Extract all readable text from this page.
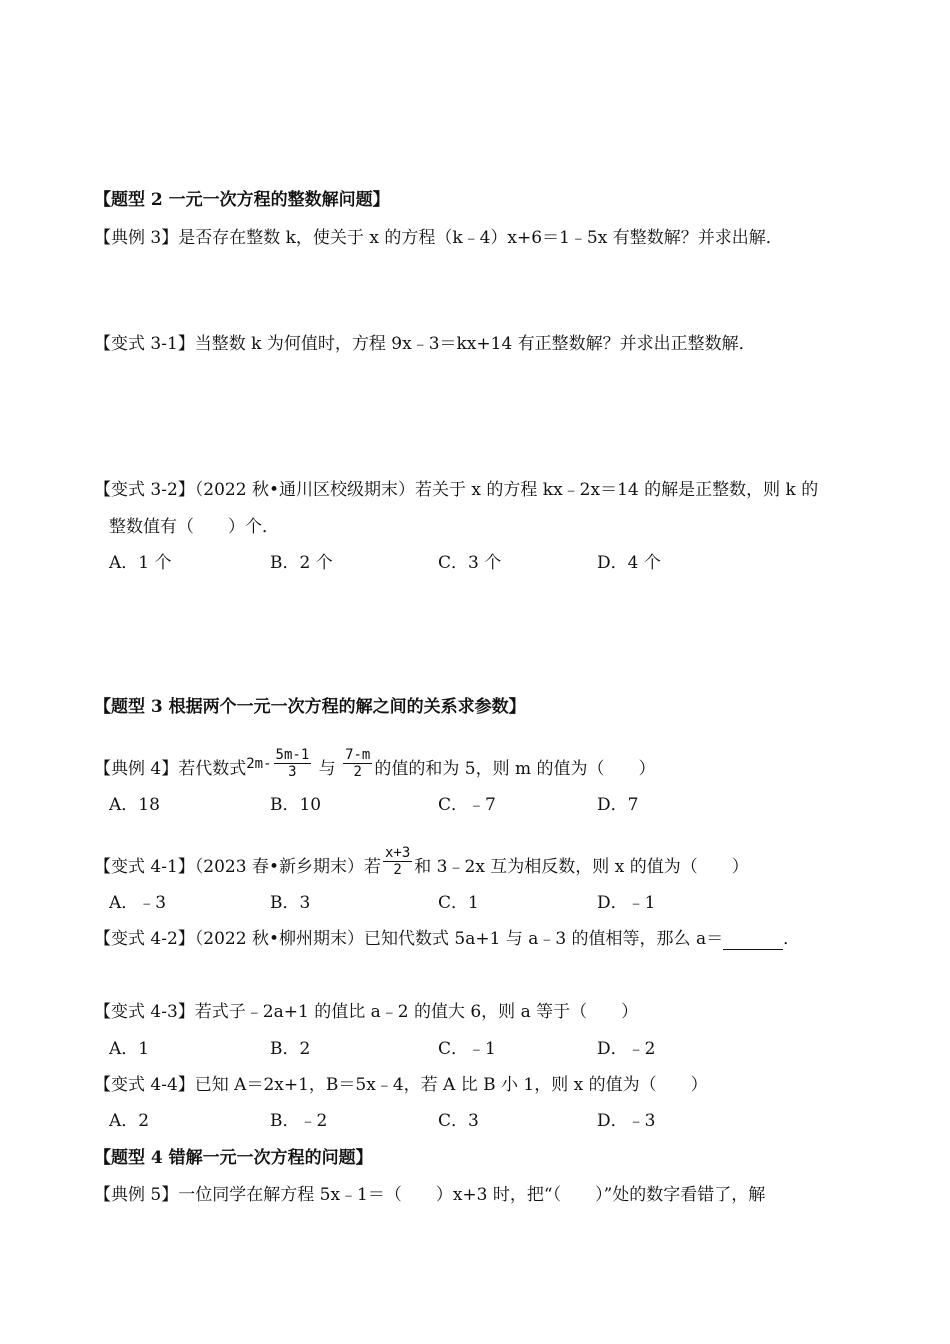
【题型 2 一元一次方程的整数解问题】
【典例 3】是否存在整数 k，使关于 x 的方程（k﹣4）x+6＝1﹣5x 有整数解？并求出解．
【变式 3-1】当整数 k 为何值时，方程 9x﹣3＝kx+14 有正整数解？并求出正整数解．
【变式 3-2】（2022 秋•通川区校级期末）若关于 x 的方程 kx﹣2x＝14 的解是正整数，则 k 的
整数值有（　　）个．
A．1 个	B．2 个	C．3 个	D．4 个
【题型 3 根据两个一元一次方程的解之间的关系求参数】
【典例 4】若代数式$^{2m-} \frac{5m-1}{3}$ 与 $\frac{7-m}{2}$ 的值的和为 5，则 m 的值为（　　）
A．18	B．10	C．﹣7	D．7
【变式 4-1】（2023 春•新乡期末）若 $\frac{x+3}{2}$ 和 3﹣2x 互为相反数，则 x 的值为（　　）
A．﹣3	B．3	C．1	D．﹣1
【变式 4-2】（2022 秋•柳州期末）已知代数式 5a+1 与 a﹣3 的值相等，那么 a＝	．
【变式 4-3】若式子﹣2a+1 的值比 a﹣2 的值大 6，则 a 等于（　　）
A．1	B．2	C．﹣1	D．﹣2
【变式 4-4】已知 A＝2x+1，B＝5x﹣4，若 A 比 B 小 1，则 x 的值为（　　）
A．2	B．﹣2	C．3	D．﹣3
【题型 4 错解一元一次方程的问题】
【典例 5】一位同学在解方程 5x﹣1＝（　　）x+3 时，把“（　　）”处的数字看错了，解
